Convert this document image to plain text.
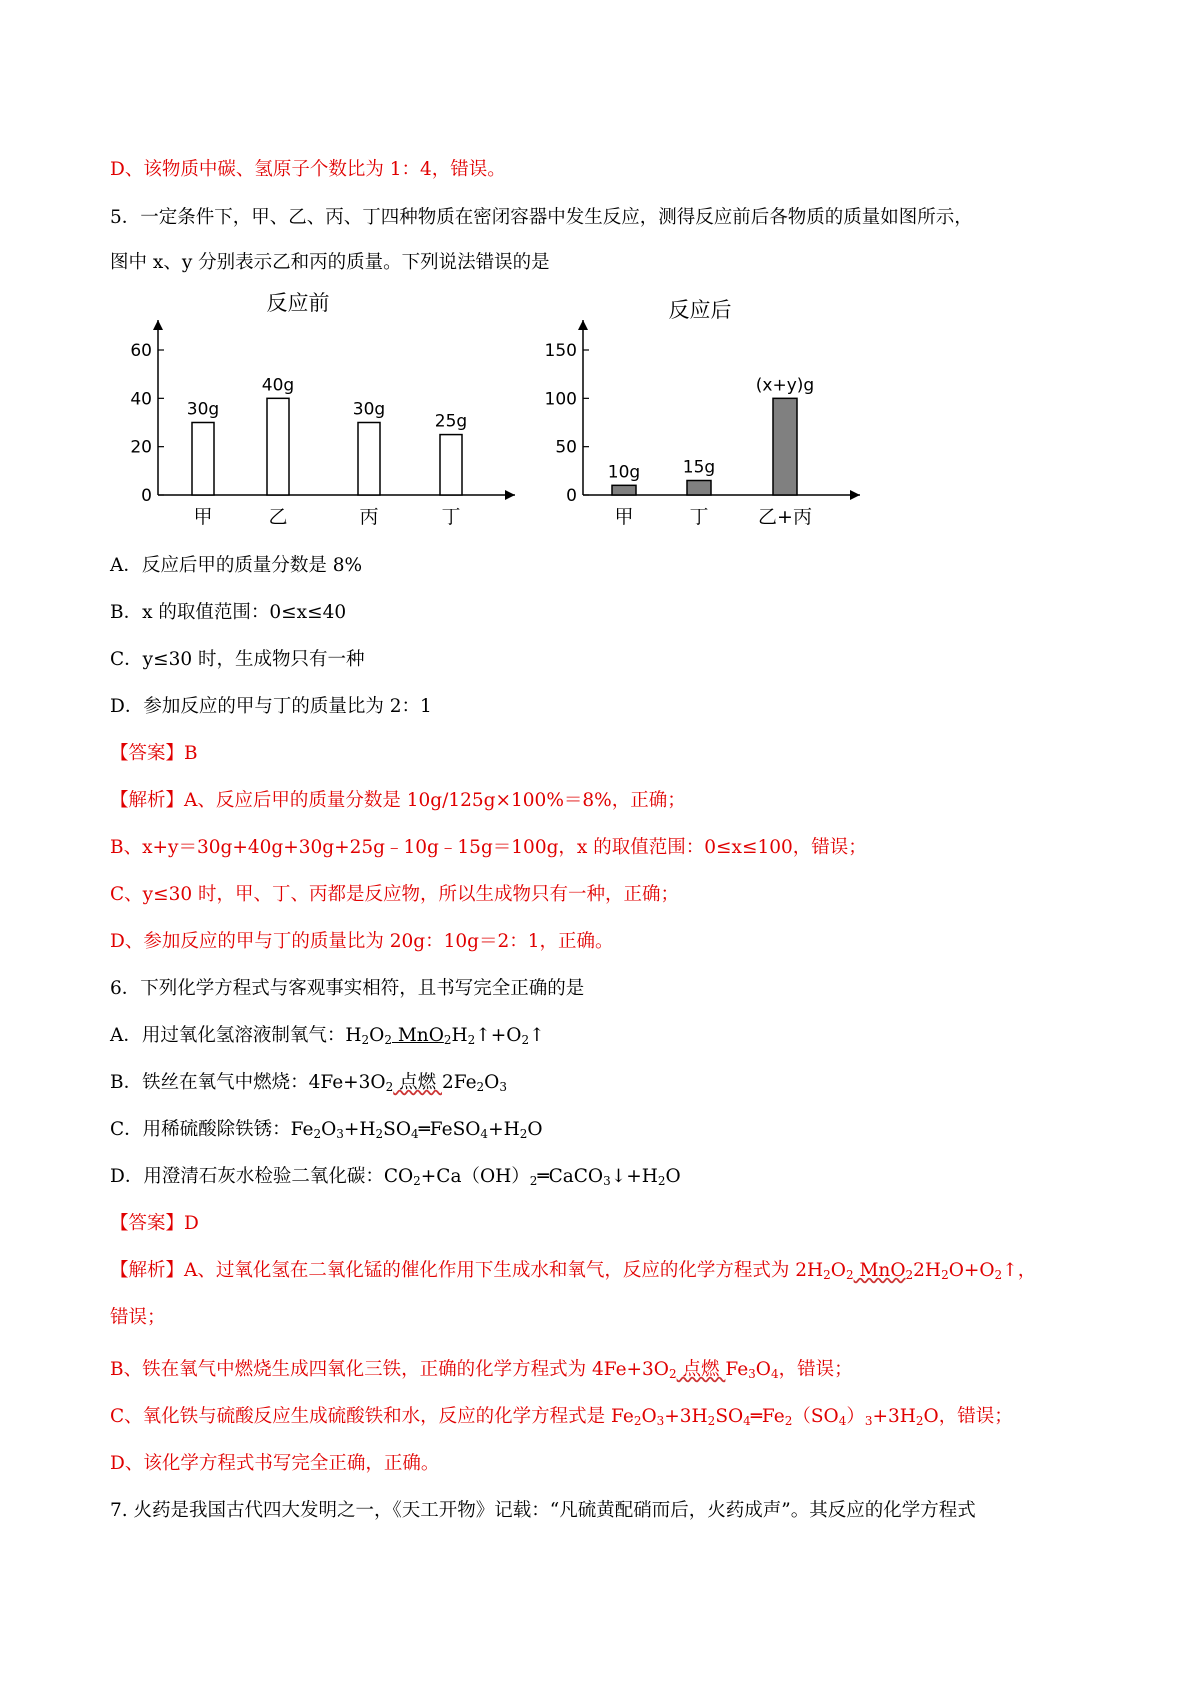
D、该物质中碳、氢原子个数比为 1：4，错误。
5．一定条件下，甲、乙、丙、丁四种物质在密闭容器中发生反应，测得反应前后各物质的质量如图所示，
图中 x、y 分别表示乙和丙的质量。下列说法错误的是
反应前
0
20
40
60
30g
甲
40g
乙
30g
丙
25g
丁
反应后
0
50
100
150
10g
甲
15g
丁
(x+y)g
乙+丙
A．反应后甲的质量分数是 8%
B．x 的取值范围：0≤x≤40
C．y≤30 时，生成物只有一种
D．参加反应的甲与丁的质量比为 2：1
【答案】B
【解析】A、反应后甲的质量分数是 10g/125g×100%＝8%，正确；
B、x+y＝30g+40g+30g+25g﹣10g﹣15g＝100g，x 的取值范围：0≤x≤100，错误；
C、y≤30 时，甲、丁、丙都是反应物，所以生成物只有一种，正确；
D、参加反应的甲与丁的质量比为 20g：10g＝2：1，正确。
6．下列化学方程式与客观事实相符，且书写完全正确的是
A．用过氧化氢溶液制氧气：$H_2O_2$ $MnO_2H_2↑+O_2↑$
B．铁丝在氧气中燃烧：$4Fe+3O_2$ 点燃 $2Fe_2O_3$
C．用稀硫酸除铁锈：$Fe_2O_3+H_2SO_4═FeSO_4+H_2O$
D．用澄清石灰水检验二氧化碳：$CO_2+Ca(OH)_2═CaCO_3↓+H_2O$
【答案】D
【解析】A、过氧化氢在二氧化锰的催化作用下生成水和氧气，反应的化学方程式为 $2H_2O_2$ $MnO_22H_2O+O_2↑$，
错误；
B、铁在氧气中燃烧生成四氧化三铁，正确的化学方程式为 $4Fe+3O_2$ 点燃 $Fe_3O_4$，错误；
C、氧化铁与硫酸反应生成硫酸铁和水，反应的化学方程式是 $Fe_2O_3+3H_2SO_4═Fe_2(SO_4)_3+3H_2O$，错误；
D、该化学方程式书写完全正确，正确。
7. 火药是我国古代四大发明之一，《天工开物》记载：“凡硫黄配硝而后，火药成声”。其反应的化学方程式
